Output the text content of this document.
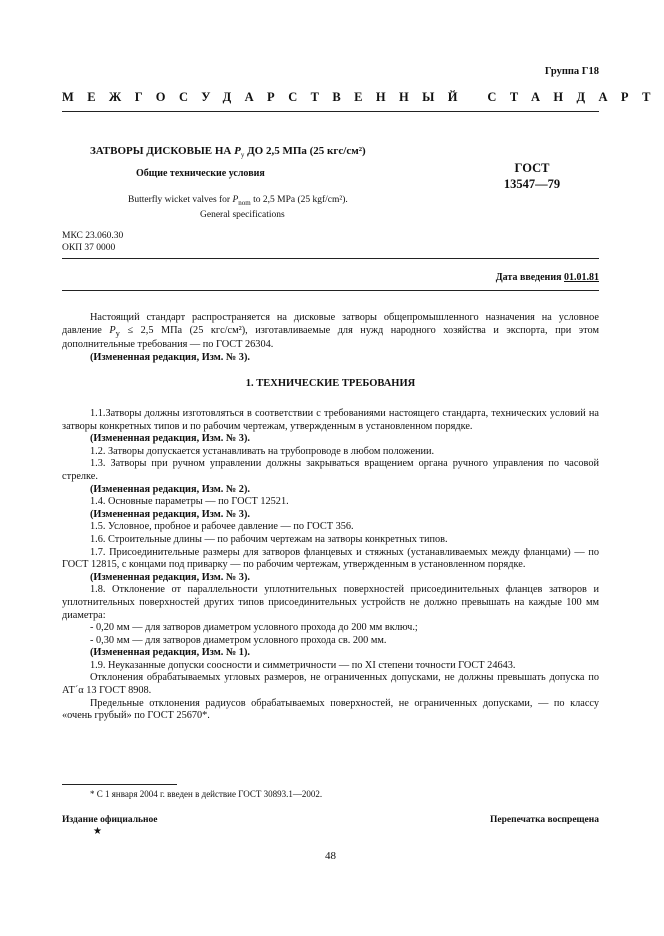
Группа Г18
МЕЖГОСУДАРСТВЕННЫЙ СТАНДАРТ
ЗАТВОРЫ ДИСКОВЫЕ НА $Р_у$ ДО 2,5 МПа (25 кгс/см²)
Общие технические условия
Butterfly wicket valves for $P_{nom}$ to 2,5 MPa (25 kgf/cm²).
General specifications
ГОСТ
13547—79
МКС 23.060.30
ОКП 37 0000
Дата введения 01.01.81

Настоящий стандарт распространяется на дисковые затворы общепромышленного назначения на условное давление $Р_у \le 2,5$ МПа (25 кгс/см²), изготавливаемые для нужд народного хозяйства и экспорта, при этом дополнительные требования — по ГОСТ 26304.

(Измененная редакция, Изм. № 3).

1. ТЕХНИЧЕСКИЕ ТРЕБОВАНИЯ

1.1.Затворы должны изготовляться в соответствии с требованиями настоящего стандарта, технических условий на затворы конкретных типов и по рабочим чертежам, утвержденным в установленном порядке.

(Измененная редакция, Изм. № 3).

1.2. Затворы допускается устанавливать на трубопроводе в любом положении.

1.3. Затворы при ручном управлении должны закрываться вращением органа ручного управления по часовой стрелке.

(Измененная редакция, Изм. № 2).

1.4. Основные параметры — по ГОСТ 12521.

(Измененная редакция, Изм. № 3).

1.5. Условное, пробное и рабочее давление — по ГОСТ 356.

1.6. Строительные длины — по рабочим чертежам на затворы конкретных типов.

1.7. Присоединительные размеры для затворов фланцевых и стяжных (устанавливаемых между фланцами) — по ГОСТ 12815, с концами под приварку — по рабочим чертежам, утвержденным в установленном порядке.

(Измененная редакция, Изм. № 3).

1.8. Отклонение от параллельности уплотнительных поверхностей присоединительных фланцев затворов и уплотнительных поверхностей других типов присоединительных устройств не должно превышать на каждые 100 мм диаметра:

- 0,20 мм — для затворов диаметром условного прохода до 200 мм включ.;

- 0,30 мм — для затворов диаметром условного прохода св. 200 мм.

(Измененная редакция, Изм. № 1).

1.9. Неуказанные допуски соосности и симметричности — по XI степени точности ГОСТ 24643.

Отклонения обрабатываемых угловых размеров, не ограниченных допусками, не должны превышать допуска по АТ´α 13 ГОСТ 8908.

Предельные отклонения радиусов обрабатываемых поверхностей, не ограниченных допусками, — по классу «очень грубый» по ГОСТ 25670*.

* С 1 января 2004 г. введен в действие ГОСТ 30893.1—2002.
Издание официальное
★
Перепечатка воспрещена
48
